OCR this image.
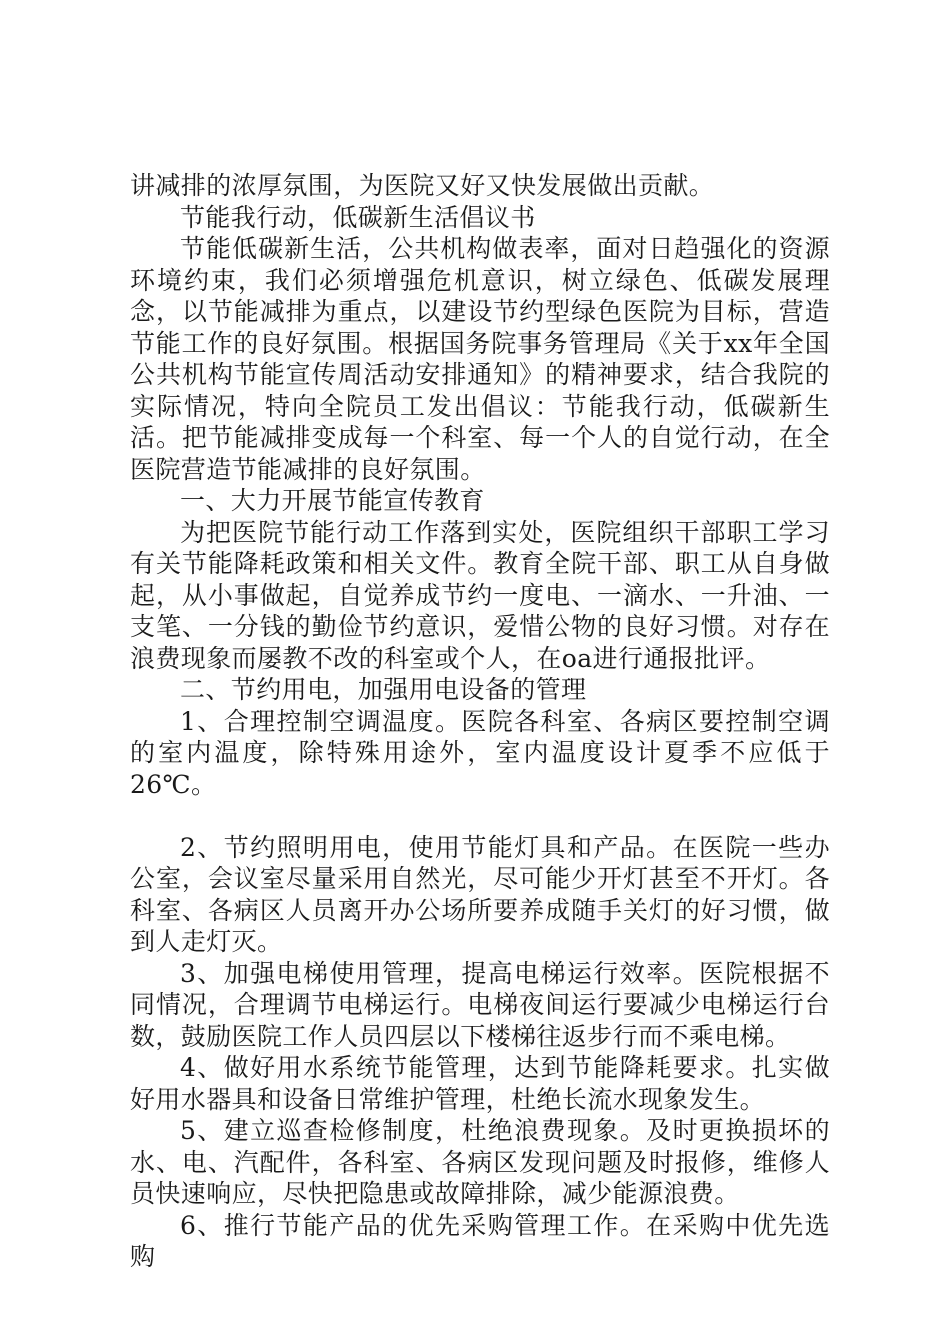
讲减排的浓厚氛围，为医院又好又快发展做出贡献。

节能我行动，低碳新生活倡议书

节能低碳新生活，公共机构做表率，面对日趋强化的资源环境约束，我们必须增强危机意识，树立绿色、低碳发展理念，以节能减排为重点，以建设节约型绿色医院为目标，营造节能工作的良好氛围。根据国务院事务管理局《关于xx年全国公共机构节能宣传周活动安排通知》的精神要求，结合我院的实际情况，特向全院员工发出倡议：节能我行动，低碳新生活。把节能减排变成每一个科室、每一个人的自觉行动，在全医院营造节能减排的良好氛围。

一、大力开展节能宣传教育

为把医院节能行动工作落到实处，医院组织干部职工学习有关节能降耗政策和相关文件。教育全院干部、职工从自身做起，从小事做起，自觉养成节约一度电、一滴水、一升油、一支笔、一分钱的勤俭节约意识，爱惜公物的良好习惯。对存在浪费现象而屡教不改的科室或个人，在oa进行通报批评。

二、节约用电，加强用电设备的管理

1、合理控制空调温度。医院各科室、各病区要控制空调的室内温度，除特殊用途外，室内温度设计夏季不应低于26℃。

2、节约照明用电，使用节能灯具和产品。在医院一些办公室，会议室尽量采用自然光，尽可能少开灯甚至不开灯。各科室、各病区人员离开办公场所要养成随手关灯的好习惯，做到人走灯灭。

3、加强电梯使用管理，提高电梯运行效率。医院根据不同情况，合理调节电梯运行。电梯夜间运行要减少电梯运行台数，鼓励医院工作人员四层以下楼梯往返步行而不乘电梯。

4、做好用水系统节能管理，达到节能降耗要求。扎实做好用水器具和设备日常维护管理，杜绝长流水现象发生。

5、建立巡查检修制度，杜绝浪费现象。及时更换损坏的水、电、汽配件，各科室、各病区发现问题及时报修，维修人员快速响应，尽快把隐患或故障排除，减少能源浪费。

6、推行节能产品的优先采购管理工作。在采购中优先选购
